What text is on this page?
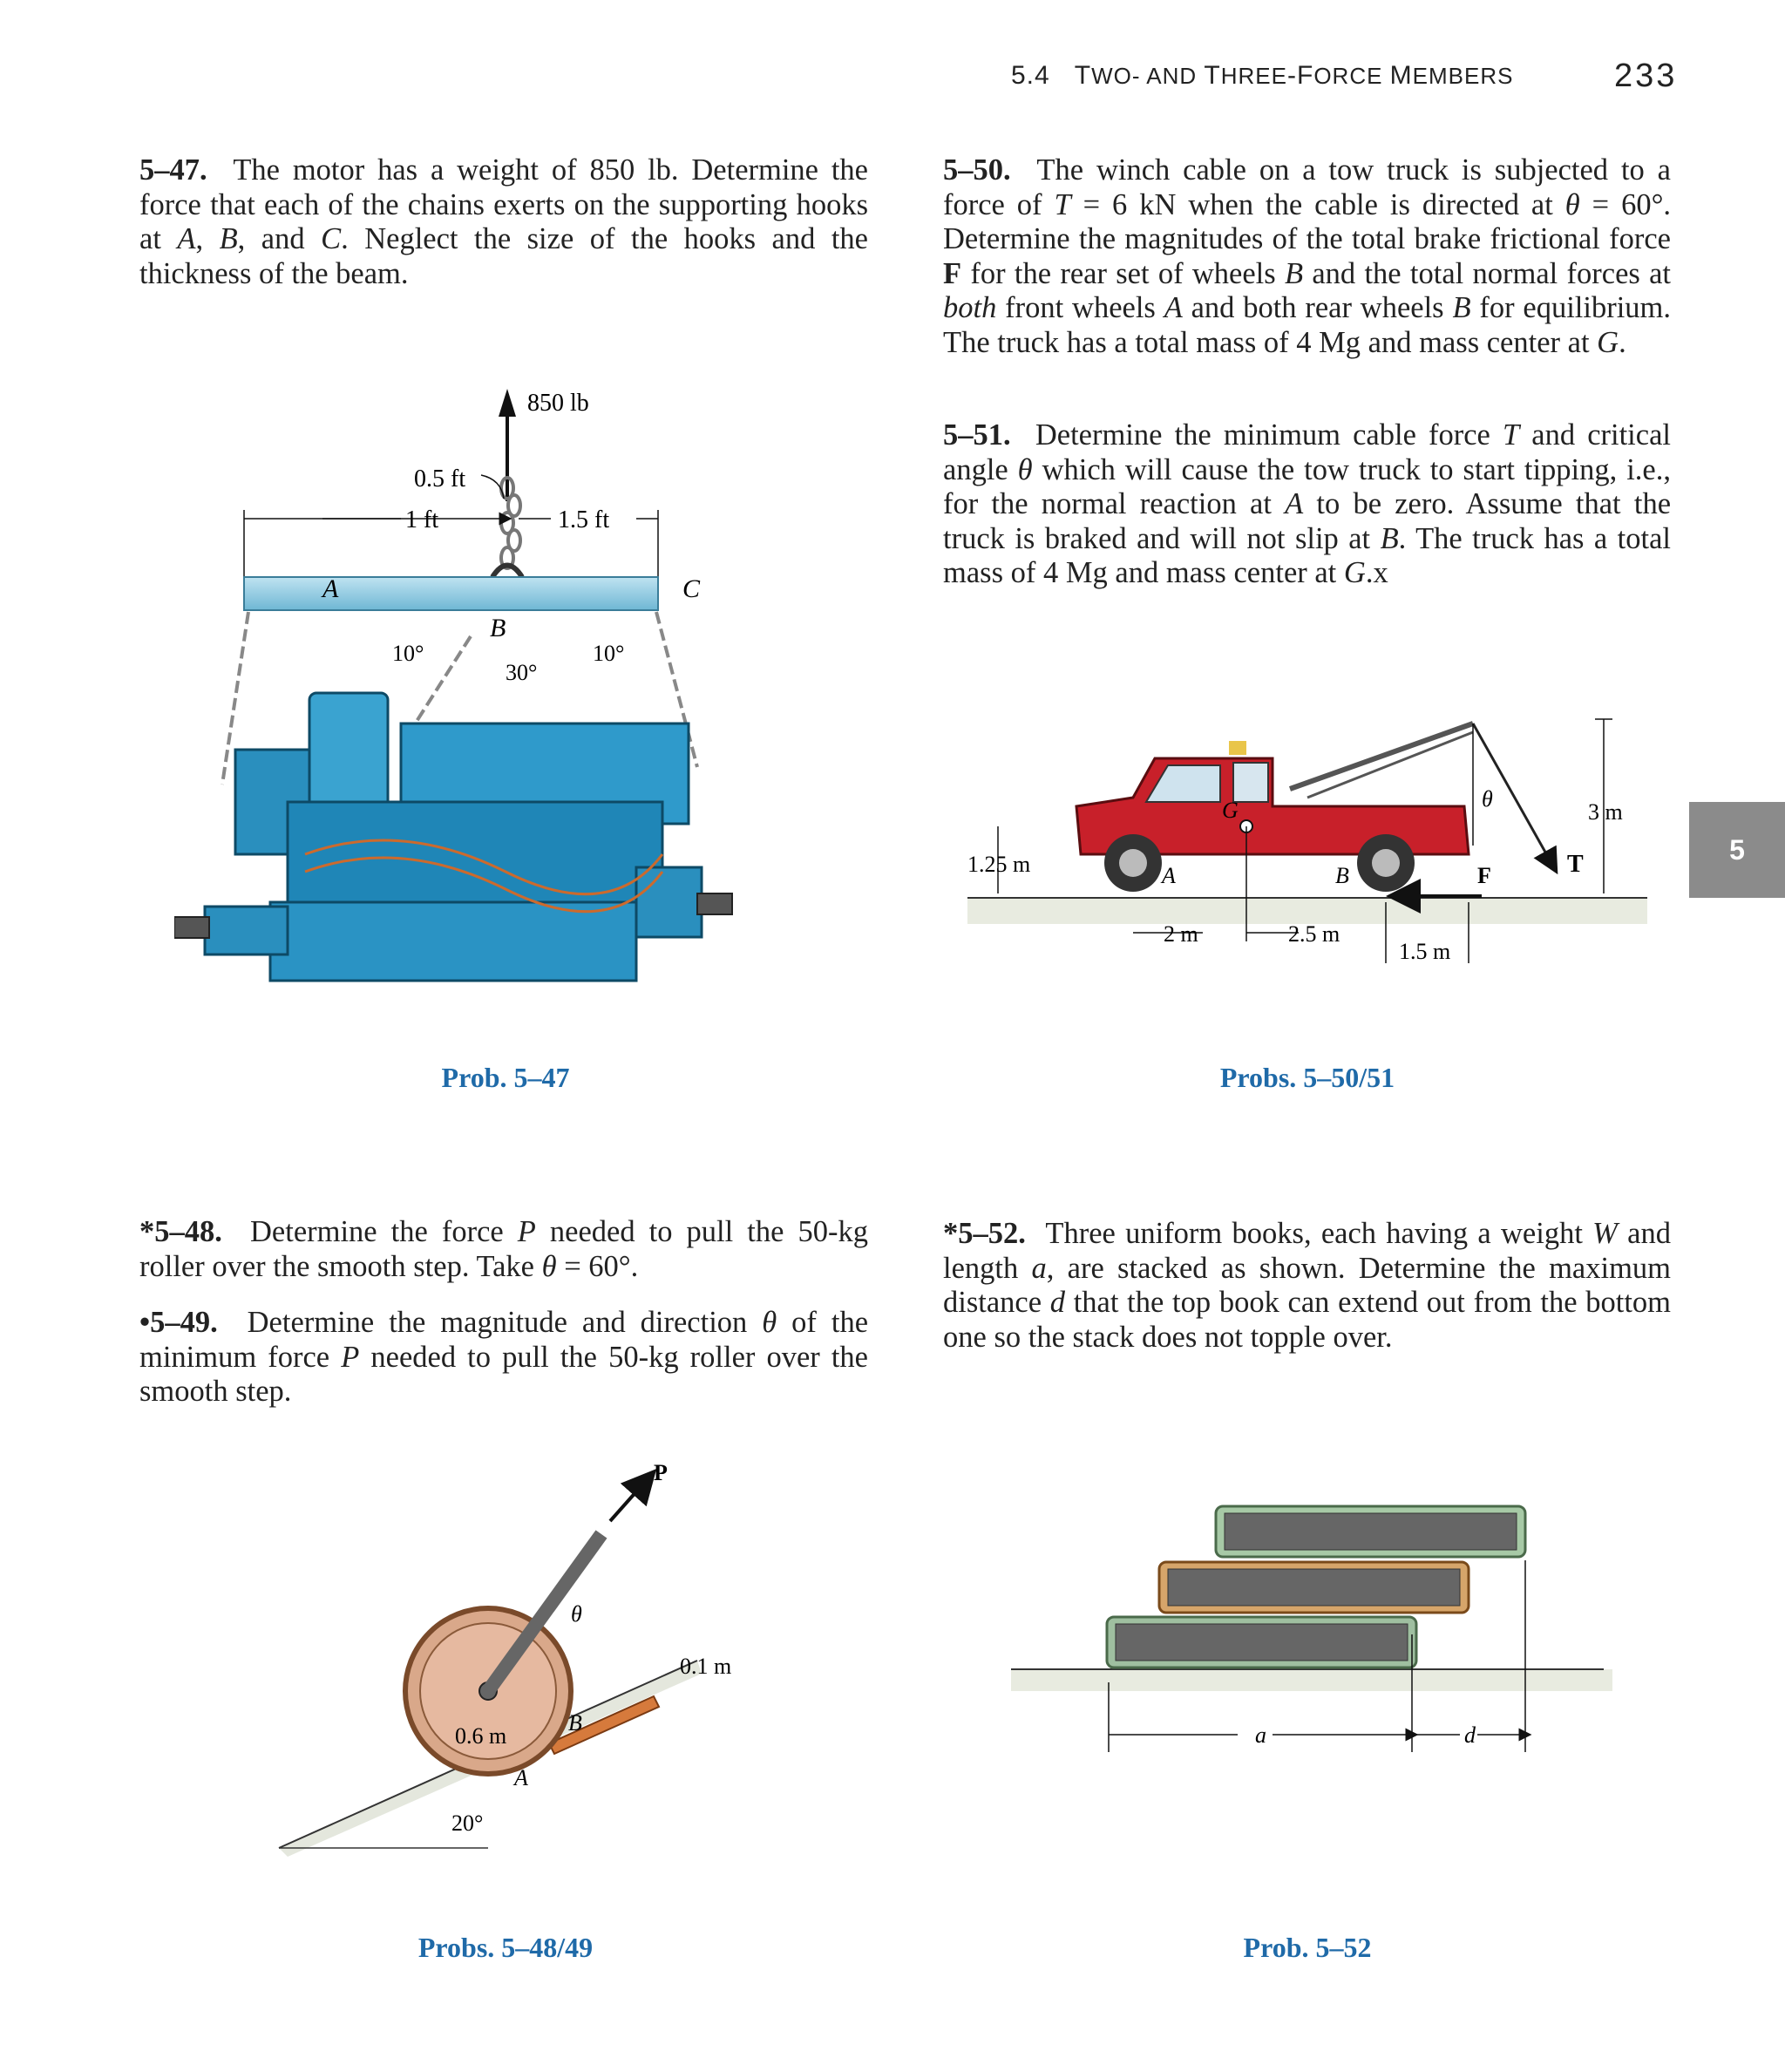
5.4 TWO- AND THREE-FORCE MEMBERS	233
5
5–47. The motor has a weight of 850 lb. Determine the force that each of the chains exerts on the supporting hooks at A, B, and C. Neglect the size of the hooks and the thickness of the beam.
5–50. The winch cable on a tow truck is subjected to a force of T = 6 kN when the cable is directed at θ = 60°. Determine the magnitudes of the total brake frictional force F for the rear set of wheels B and the total normal forces at both front wheels A and both rear wheels B for equilibrium. The truck has a total mass of 4 Mg and mass center at G.
5–51. Determine the minimum cable force T and critical angle θ which will cause the tow truck to start tipping, i.e., for the normal reaction at A to be zero. Assume that the truck is braked and will not slip at B. The truck has a total mass of 4 Mg and mass center at G.x
*5–48. Determine the force P needed to pull the 50-kg roller over the smooth step. Take θ = 60°.
•5–49. Determine the magnitude and direction θ of the minimum force P needed to pull the 50-kg roller over the smooth step.
*5–52. Three uniform books, each having a weight W and length a, are stacked as shown. Determine the maximum distance d that the top book can extend out from the bottom one so the stack does not topple over.
Prob. 5–47	Probs. 5–50/51
Probs. 5–48/49	Prob. 5–52
850 lb
0.5 ft
1 ft	1.5 ft
A	C
B
10°
30°
10°
θ
T
3 m
G
1.25 m	A	B	F
2 m	2.5 m
1.5 m
20°
0.1 m
B
0.6 m
A
P
θ
a	d
